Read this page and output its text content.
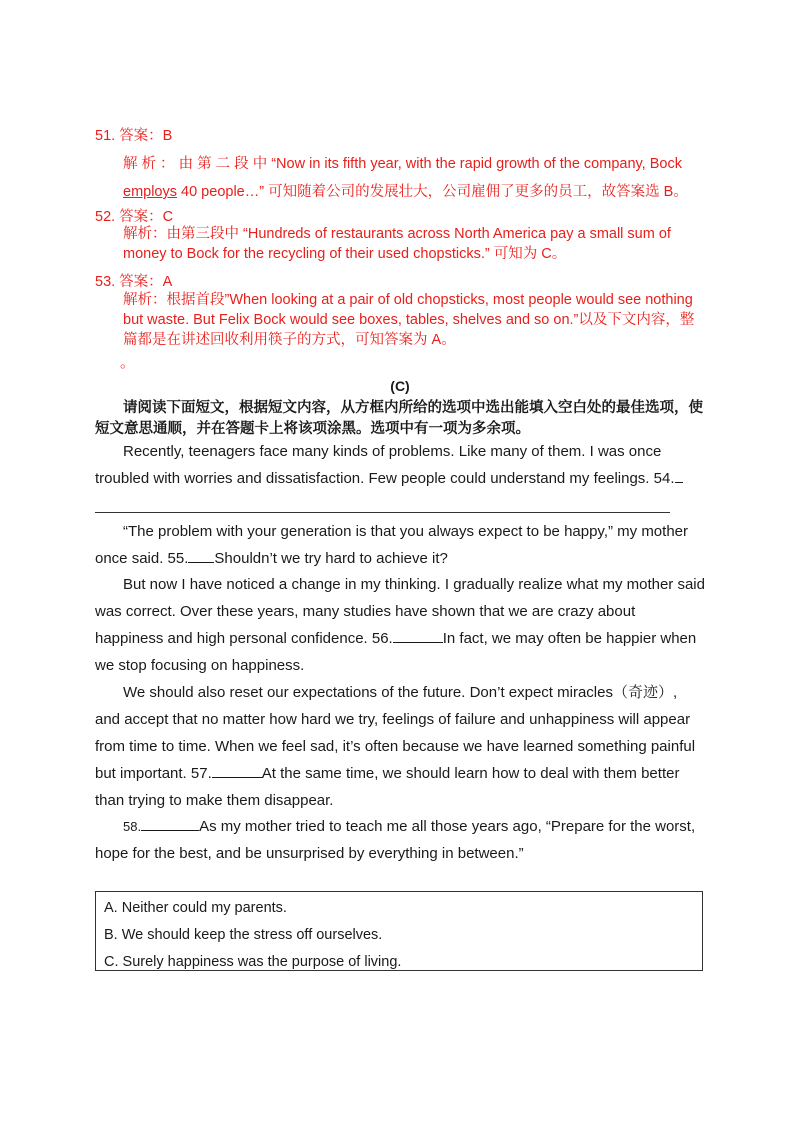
51. 答案：B
解 析 ： 由 第 二 段 中 “Now in its fifth year, with the rapid growth of the company, Bock
employs 40 people…” 可知随着公司的发展壮大，公司雇佣了更多的员工，故答案选 B。
52. 答案：C
解析：由第三段中 “Hundreds of restaurants across North America pay a small sum of money to Bock for the recycling of their used chopsticks.” 可知为 C。
53. 答案：A
解析：根据首段”When looking at a pair of old chopsticks, most people would see nothing but waste. But Felix Bock would see boxes, tables, shelves and so on.”以及下文内容，整篇都是在讲述回收利用筷子的方式，可知答案为 A。
。
(C)
请阅读下面短文，根据短文内容，从方框内所给的选项中选出能填入空白处的最佳选项，使短文意思通顺，并在答题卡上将该项涂黑。选项中有一项为多余项。
Recently, teenagers face many kinds of problems. Like many of them. I was once troubled with worries and dissatisfaction. Few people could understand my feelings. 54.
“The problem with your generation is that you always expect to be happy,” my mother once said. 55. Shouldn’t we try hard to achieve it?
But now I have noticed a change in my thinking. I gradually realize what my mother said was correct. Over these years, many studies have shown that we are crazy about happiness and high personal confidence. 56.	In fact, we may often be happier when we stop focusing on happiness.
We should also reset our expectations of the future. Don’t expect miracles（奇迹）, and accept that no matter how hard we try, feelings of failure and unhappiness will appear from time to time. When we feel sad, it’s often because we have learned something painful but important. 57.	At the same time, we should learn how to deal with them better than trying to make them disappear.
58.	As my mother tried to teach me all those years ago, “Prepare for the worst, hope for the best, and be unsurprised by everything in between.”
A. Neither could my parents.
B. We should keep the stress off ourselves.
C. Surely happiness was the purpose of living.
